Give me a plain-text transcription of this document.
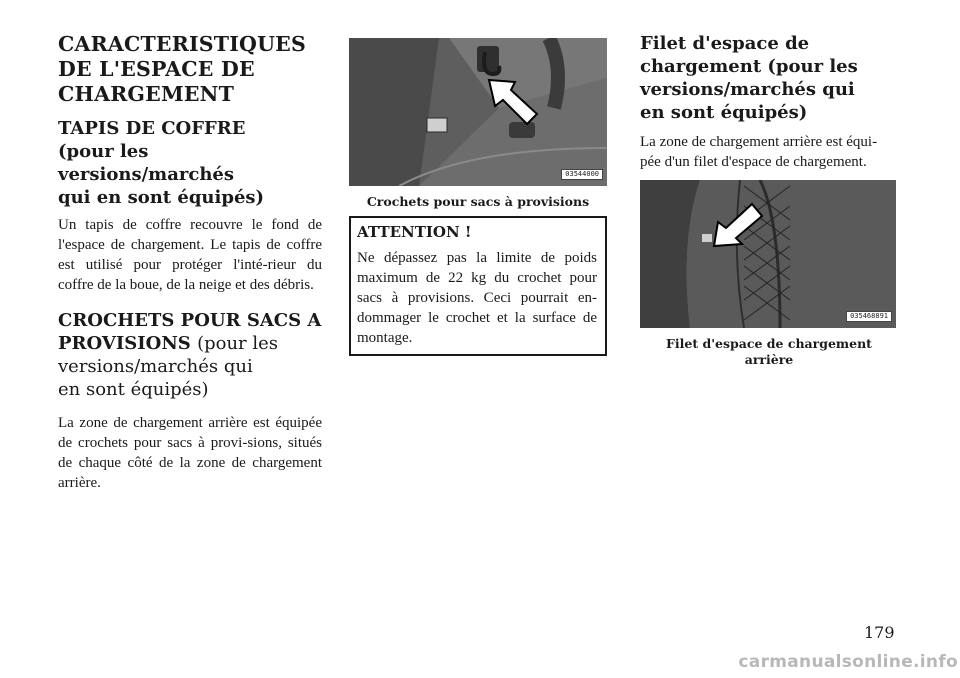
CARACTERISTIQUES
DE L'ESPACE DE
CHARGEMENT
TAPIS DE COFFRE
(pour les versions/marchés
qui en sont équipés)

Un tapis de coffre recouvre le fond de l'espace de chargement. Le tapis de coffre est utilisé pour protéger l'inté-rieur du coffre de la boue, de la neige et des débris.

CROCHETS POUR SACS A
PROVISIONS (pour les
versions/marchés qui
en sont équipés)

La zone de chargement arrière est équipée de crochets pour sacs à provi-sions, situés de chaque côté de la zone de chargement arrière.

03544000
Crochets pour sacs à provisions
ATTENTION !

Ne dépassez pas la limite de poids maximum de 22 kg du crochet pour sacs à provisions. Ceci pourrait en-dommager le crochet et la surface de montage.

Filet d'espace de
chargement (pour les
versions/marchés qui
en sont équipés)

La zone de chargement arrière est équi-
pée d'un filet d'espace de chargement.

035468891
Filet d'espace de chargement arrière
179
carmanualsonline.info
